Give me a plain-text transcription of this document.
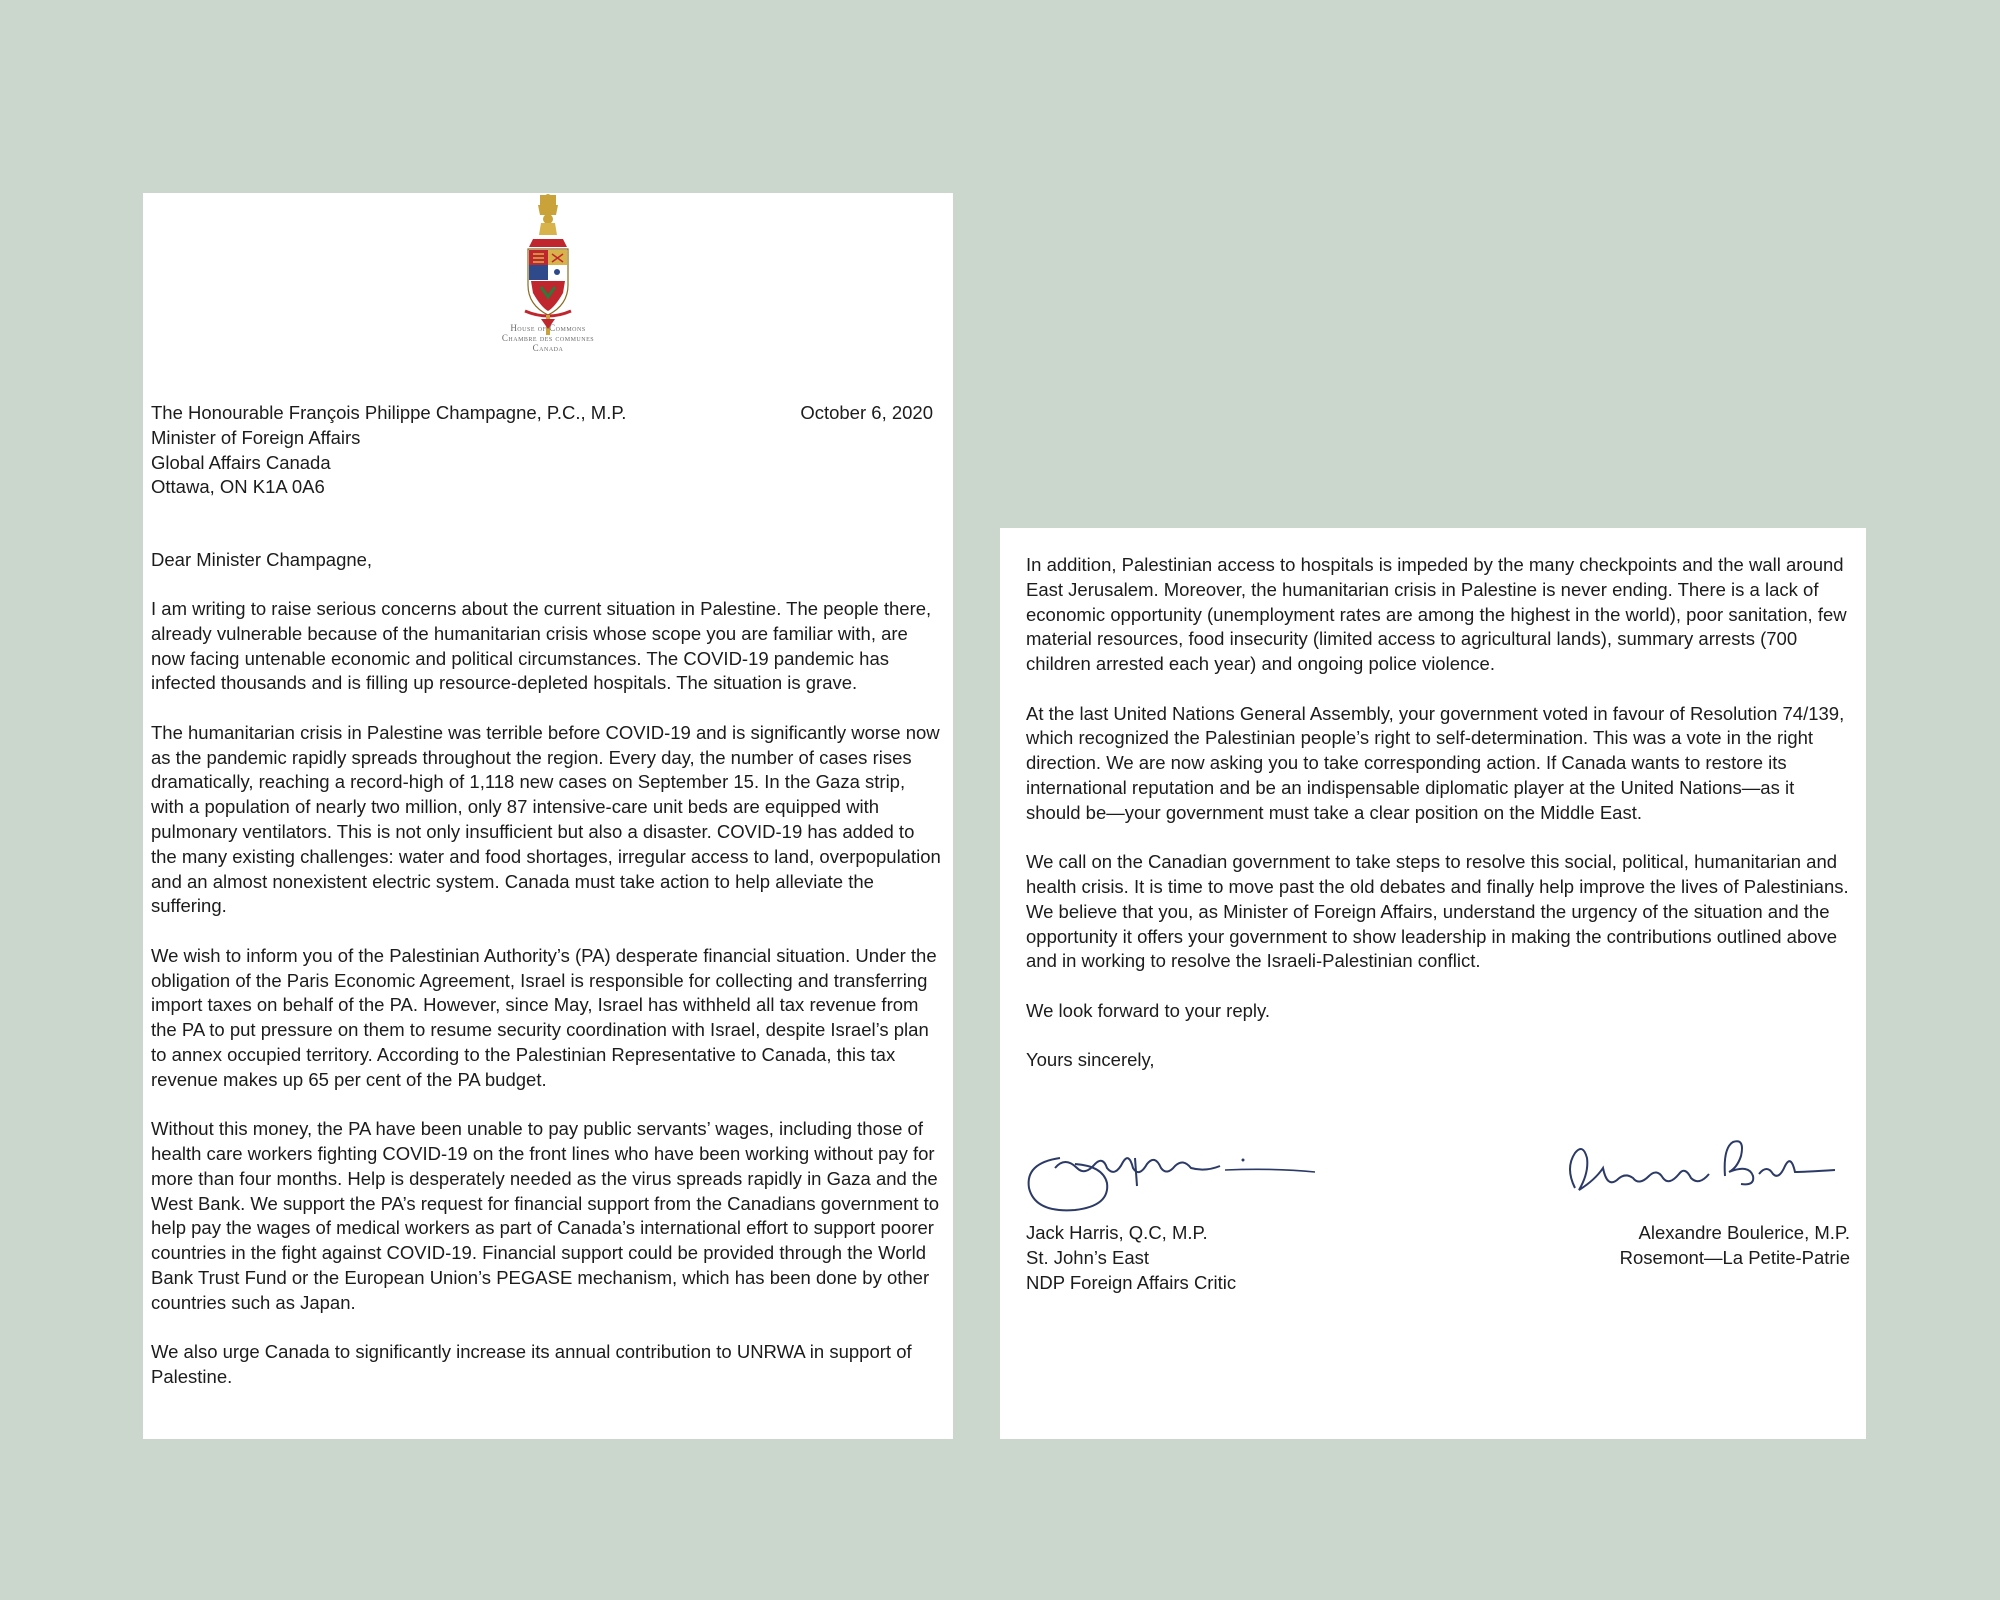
House of Commons
Chambre des communes
Canada
The Honourable François Philippe Champagne, P.C., M.P.
Minister of Foreign Affairs
Global Affairs Canada
Ottawa, ON K1A 0A6
October 6, 2020
Dear Minister Champagne,

I am writing to raise serious concerns about the current situation in Palestine. The people there, already vulnerable because of the humanitarian crisis whose scope you are familiar with, are now facing untenable economic and political circumstances. The COVID-19 pandemic has infected thousands and is filling up resource-depleted hospitals. The situation is grave.

The humanitarian crisis in Palestine was terrible before COVID-19 and is significantly worse now as the pandemic rapidly spreads throughout the region. Every day, the number of cases rises dramatically, reaching a record-high of 1,118 new cases on September 15. In the Gaza strip, with a population of nearly two million, only 87 intensive-care unit beds are equipped with pulmonary ventilators. This is not only insufficient but also a disaster. COVID-19 has added to the many existing challenges: water and food shortages, irregular access to land, overpopulation and an almost nonexistent electric system. Canada must take action to help alleviate the suffering.

We wish to inform you of the Palestinian Authority’s (PA) desperate financial situation. Under the obligation of the Paris Economic Agreement, Israel is responsible for collecting and transferring import taxes on behalf of the PA. However, since May, Israel has withheld all tax revenue from the PA to put pressure on them to resume security coordination with Israel, despite Israel’s plan to annex occupied territory. According to the Palestinian Representative to Canada, this tax revenue makes up 65 per cent of the PA budget.

Without this money, the PA have been unable to pay public servants’ wages, including those of health care workers fighting COVID-19 on the front lines who have been working without pay for more than four months. Help is desperately needed as the virus spreads rapidly in Gaza and the West Bank. We support the PA’s request for financial support from the Canadians government to help pay the wages of medical workers as part of Canada’s international effort to support poorer countries in the fight against COVID-19. Financial support could be provided through the World Bank Trust Fund or the European Union’s PEGASE mechanism, which has been done by other countries such as Japan.

We also urge Canada to significantly increase its annual contribution to UNRWA in support of Palestine.

In addition, Palestinian access to hospitals is impeded by the many checkpoints and the wall around East Jerusalem. Moreover, the humanitarian crisis in Palestine is never ending. There is a lack of economic opportunity (unemployment rates are among the highest in the world), poor sanitation, few material resources, food insecurity (limited access to agricultural lands), summary arrests (700 children arrested each year) and ongoing police violence.

At the last United Nations General Assembly, your government voted in favour of Resolution 74/139, which recognized the Palestinian people’s right to self-determination. This was a vote in the right direction. We are now asking you to take corresponding action. If Canada wants to restore its international reputation and be an indispensable diplomatic player at the United Nations—as it should be—your government must take a clear position on the Middle East.

We call on the Canadian government to take steps to resolve this social, political, humanitarian and health crisis. It is time to move past the old debates and finally help improve the lives of Palestinians. We believe that you, as Minister of Foreign Affairs, understand the urgency of the situation and the opportunity it offers your government to show leadership in making the contributions outlined above and in working to resolve the Israeli-Palestinian conflict.

We look forward to your reply.

Yours sincerely,

Jack Harris, Q.C, M.P.
St. John’s East
NDP Foreign Affairs Critic
Alexandre Boulerice, M.P.
Rosemont—La Petite-Patrie
